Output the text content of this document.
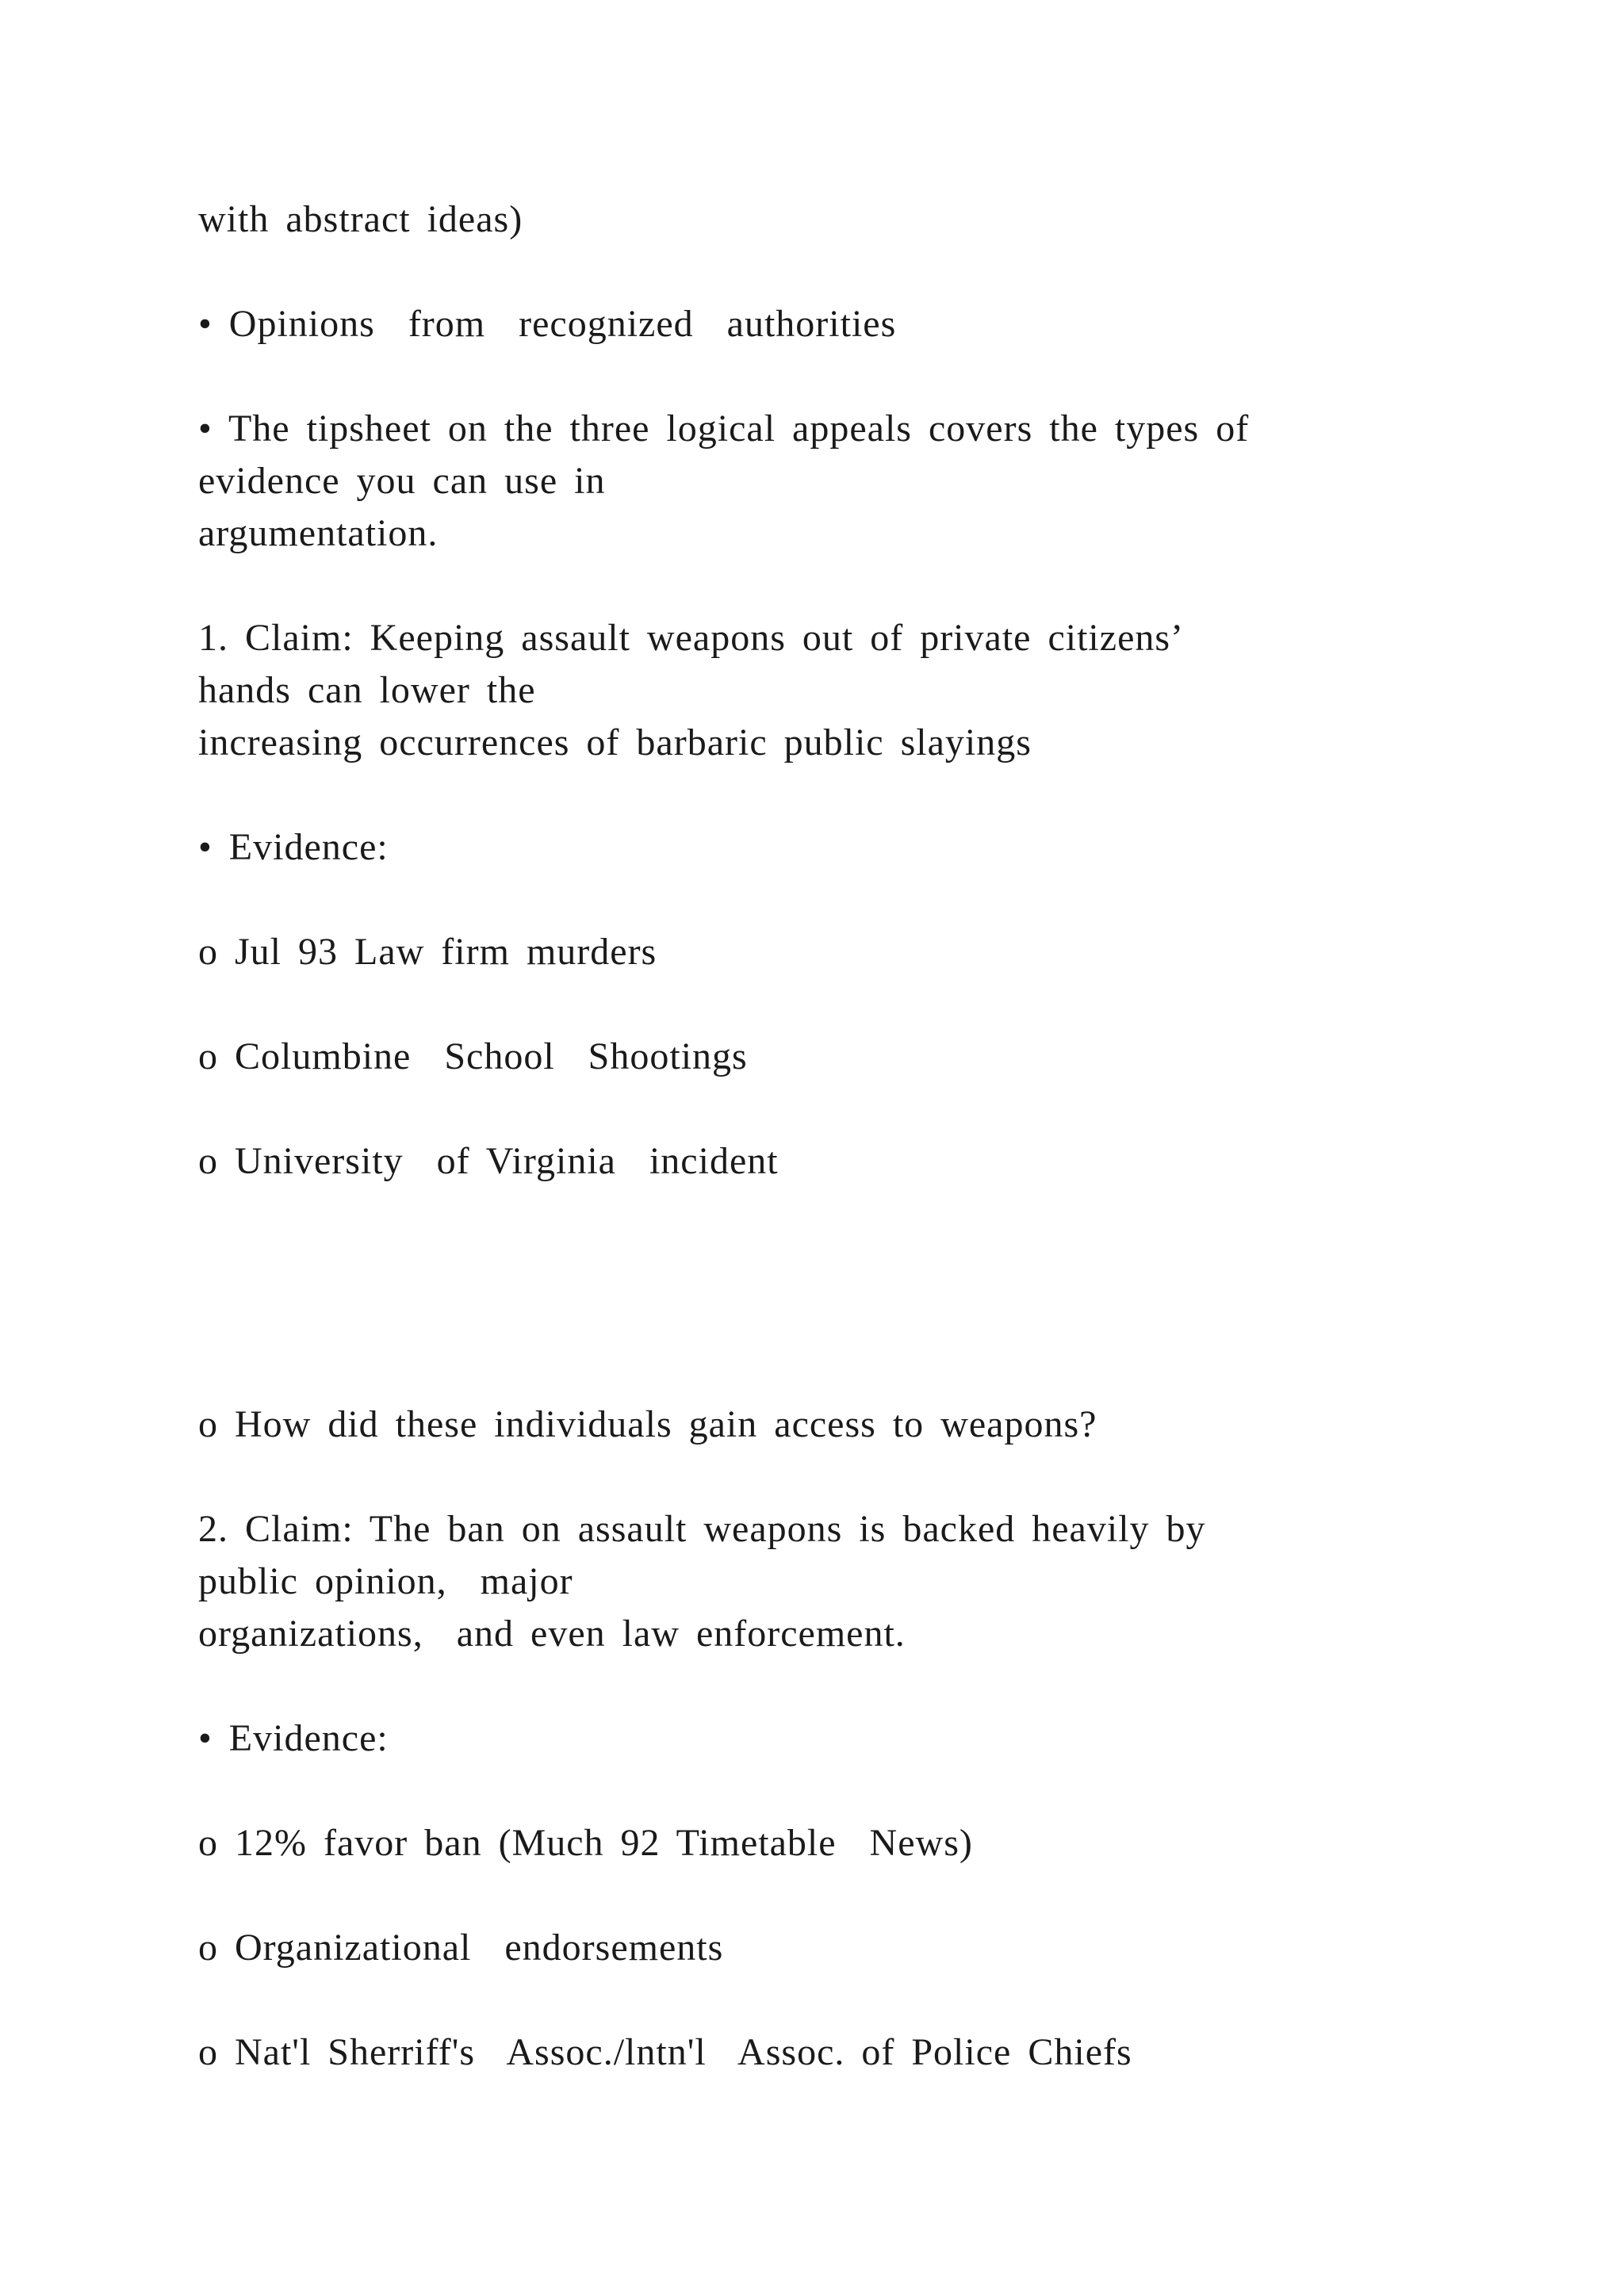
with abstract ideas)

• Opinions  from  recognized  authorities

• The tipsheet on the three logical appeals covers the types of

evidence you can use in

argumentation.

1. Claim: Keeping assault weapons out of private citizens’

hands can lower the

increasing occurrences of barbaric public slayings

• Evidence:

o Jul 93 Law firm murders

o Columbine  School  Shootings

o University  of Virginia  incident

o How did these individuals gain access to weapons?

2. Claim: The ban on assault weapons is backed heavily by

public opinion,  major

organizations,  and even law enforcement.

• Evidence:

o 12% favor ban (Much 92 Timetable  News)

o Organizational  endorsements

o Nat'l Sherriff's  Assoc./lntn'l  Assoc. of Police Chiefs
